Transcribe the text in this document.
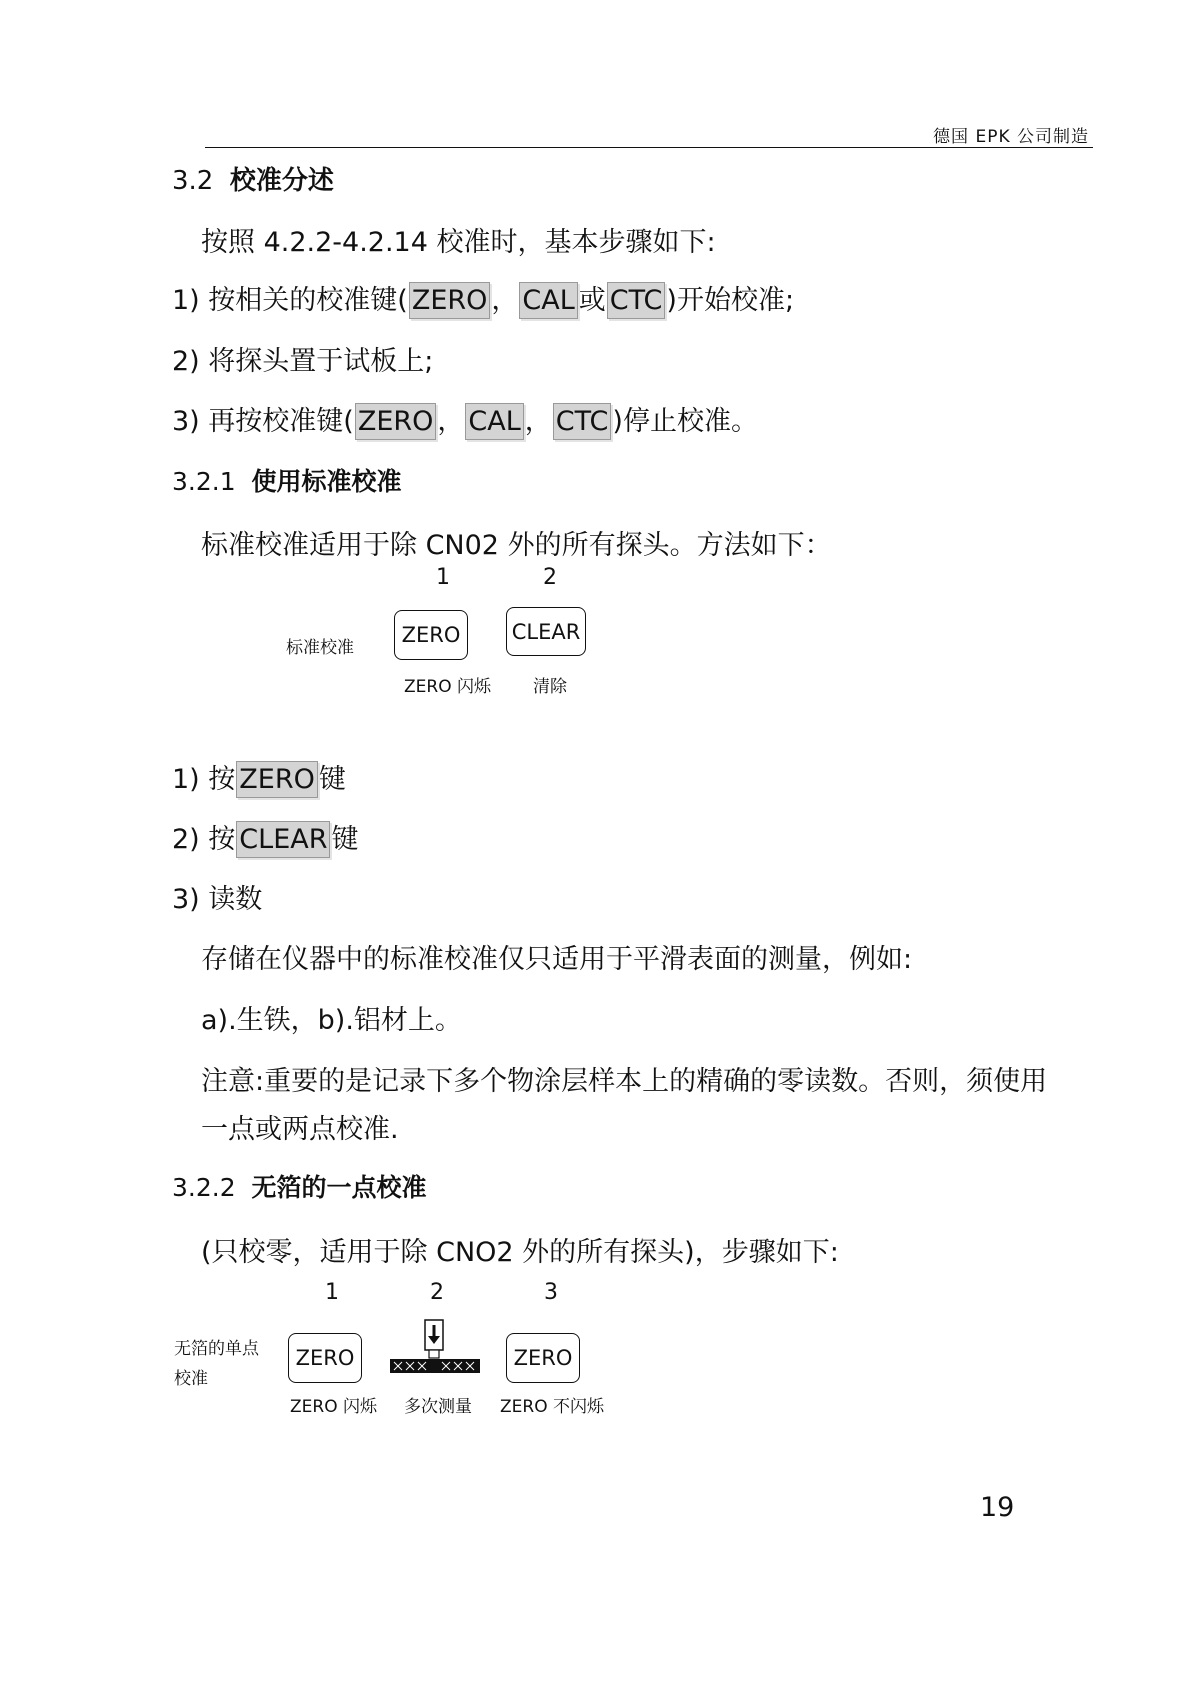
德国 EPK 公司制造
3.2 校准分述
按照 4.2.2-4.2.14 校准时，基本步骤如下:
1) 按相关的校准键( ZERO ， CAL 或 CTC )开始校准;
2) 将探头置于试板上;
3) 再按校准键( ZERO ， CAL ， CTC )停止校准。
3.2.1 使用标准校准
标准校准适用于除 CN02 外的所有探头。方法如下：
1	2
标准校准
ZERO	CLEAR
ZERO 闪烁 清除
1) 按 ZERO 键
2) 按 CLEAR 键
3) 读数
存储在仪器中的标准校准仅只适用于平滑表面的测量，例如:
a).生铁，b).铝材上。
注意:重要的是记录下多个物涂层样本上的精确的零读数。否则，须使用
一点或两点校准.
3.2.2 无箔的一点校准
(只校零，适用于除 CNO2 外的所有探头)，步骤如下:
1	2	3
无箔的单点
校准
ZERO	ZERO
ZERO 闪烁 多次测量 ZERO 不闪烁
19
